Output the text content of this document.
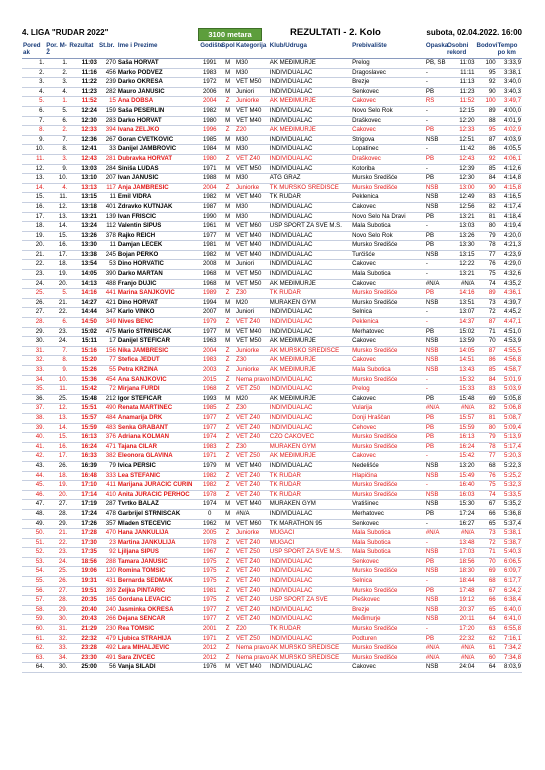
4. LIGA "RUDAR 2022"	3100 metara	REZULTATI - 2. Kolo	subota, 02.04.2022. 16:00
Pored ak	Por. M-Ž	Rezultat	St.br.	Ime i Prezime	Godište	Spol	Kategorija	Klub/Udruga	Prebivalište	Opaska	Osobni rekord	Bodovi	Tempo po km
1.	1.	11:03	270	Saša HORVAT	1991	M	M30	AK MEĐIMURJE	Prelog	PB, SB	11:03	100	3:33,9
2.	2.	11:16	456	Marko PODVEZ	1983	M	M30	INDIVIDUALAC	Dragoslavec	-	11:11	95	3:38,1
3.	3.	11:22	239	Darko OKREŠA	1972	M	VET M50	INDIVIDUALAC	Brezje	-	11:13	92	3:40,0
4.	4.	11:23	282	Mauro JANUŠIĆ	2006	M	Juniori	INDIVIDUALAC	Šenkovec	PB	11:23	90	3:40,3
5.	1.	11:52	15	Ana DOBŠA	2004	Ž	Juniorke	AK MEĐIMURJE	Čakovec	RS	11:52	100	3:49,7
6.	5.	12:24	159	Saša PESERLIN	1982	M	VET M40	INDIVIDUALAC	Novo Selo Rok	-	12:15	89	4:00,0
7.	6.	12:30	283	Darko HORVAT	1980	M	VET M40	INDIVIDUALAC	Draškovec	-	12:20	88	4:01,9
8.	2.	12:33	394	Ivana ZELJKO	1996	Ž	Ž20	AK MEĐIMURJE	Čakovec	PB	12:33	95	4:02,9
9.	7.	12:36	267	Goran CVETKOVIĆ	1985	M	M30	INDIVIDUALAC	Štrigova	NSB	12:51	87	4:03,9
10.	8.	12:41	33	Danijel JAMBROVIĆ	1984	M	M30	INDIVIDUALAC	Lopatinec	-	11:42	86	4:05,5
11.	3.	12:43	281	Dubravka HORVAT	1980	Ž	VET Ž40	INDIVIDUALAC	Draškovec	PB	12:43	92	4:06,1
12.	9.	13:03	284	Siniša LUDAŠ	1971	M	VET M50	INDIVIDUALAC	Kotoriba	-	12:39	85	4:12,6
13.	10.	13:10	207	Ivan JANUŠIĆ	1988	M	M30	ATG GRAZ	Mursko Središće	PB	12:30	84	4:14,8
14.	4.	13:13	117	Anja JAMBREŠIĆ	2004	Ž	Juniorke	TK MURSKO SREDIŠĆE	Mursko Središće	NSB	13:00	90	4:15,8
15.	11.	13:15	11	Emil VIDRA	1982	M	VET M40	TK RUDAR	Peklenica	NSB	12:49	83	4:16,5
16.	12.	13:18	401	Zdravko KUTNJAK	1987	M	M30	INDIVIDUALAC	Čakovec	NSB	12:56	82	4:17,4
17.	13.	13:21	139	Ivan FRISCIĆ	1990	M	M30	INDIVIDUALAC	Novo Selo Na Dravi	PB	13:21	81	4:18,4
18.	14.	13:24	112	Valentin ŠIPUŠ	1961	M	VET M60	USP SPORT ZA SVE M.S.	Mala Subotica	-	13:03	80	4:19,4
19.	15.	13:26	378	Rajko REICH	1977	M	VET M40	INDIVIDUALAC	Novo Selo Rok	PB	13:26	79	4:20,0
20.	16.	13:30	11	Damjan LEČEK	1981	M	VET M40	INDIVIDUALAC	Mursko Središće	PB	13:30	78	4:21,3
21.	17.	13:38	245	Bojan PERKO	1982	M	VET M40	INDIVIDUALAC	Turčišće	NSB	13:15	77	4:23,9
22.	18.	13:54	53	Dino HORVATIĆ	2008	M	Juniori	INDIVIDUALAC	Čakovec	-	12:22	76	4:29,0
23.	19.	14:05	390	Darko MARTAN	1968	M	VET M50	INDIVIDUALAC	Mala Subotica	-	13:21	75	4:32,6
24.	20.	14:13	488	Franjo DUJIĆ	1968	M	VET M50	AK MEĐIMURJE	Čakovec	#N/A	#N/A	74	4:35,2
25.	5.	14:16	441	Marina SANJKOVIĆ	1989	Ž	Ž30	TK RUDAR	Mursko Središće	PB	14:16	89	4:36,1
26.	21.	14:27	421	Dino HORVAT	1994	M	M20	MURAKEN GYM	Mursko Središće	NSB	13:51	73	4:39,7
27.	22.	14:44	347	Karlo VINKO	2007	M	Juniori	INDIVIDUALAC	Selnica	-	13:07	72	4:45,2
28.	6.	14:50	349	Nives BENC	1979	Ž	VET Ž40	INDIVIDUALAC	Peklenica	-	14:37	87	4:47,1
29.	23.	15:02	475	Mario STRNIŠČAK	1977	M	VET M40	INDIVIDUALAC	Merhatovec	PB	15:02	71	4:51,0
30.	24.	15:11	17	Danijel ŠTEFIČAR	1963	M	VET M50	AK MEĐIMURJE	Čakovec	NSB	13:59	70	4:53,9
31.	7.	15:16	156	Nika JAMBREŠIĆ	2004	Ž	Juniorke	AK MURSKO SREDIŠĆE	Mursko Središće	NSB	14:05	87	4:55,5
32.	8.	15:20	77	Štefica JEDUT	1983	Ž	Ž30	AK MEĐIMURJE	Čakovec	NSB	14:51	86	4:56,8
33.	9.	15:26	55	Petra KRŽINA	2003	Ž	Juniorke	AK MEĐIMURJE	Mala Subotica	NSB	13:43	85	4:58,7
34.	10.	15:36	454	Ana SANJKOVIĆ	2015	Ž	Nema pravo	INDIVIDUALAC	Mursko Središće	-	15:32	84	5:01,9
35.	11.	15:42	72	Mirjana FURDI	1968	Ž	VET Ž50	INDIVIDUALAC	Prelog	-	15:33	83	5:03,9
36.	25.	15:48	212	Igor ŠTEFIČAR	1993	M	M20	AK MEĐIMURJE	Čakovec	PB	15:48	69	5:05,8
37.	12.	15:51	490	Renata MARTINEC	1985	Ž	Ž30	INDIVIDUALAC	Vularija	#N/A	#N/A	82	5:06,8
38.	13.	15:57	484	Anamarija DRK	1977	Ž	VET Ž40	INDIVIDUALAC	Donji Hraščan	PB	15:57	81	5:08,7
39.	14.	15:59	483	Senka GRABANT	1977	Ž	VET Ž40	INDIVIDUALAC	Čehovec	PB	15:59	80	5:09,4
40.	15.	16:13	376	Adriana KOLMAN	1974	Ž	VET Ž40	CZO ČAKOVEC	Mursko Središće	PB	16:13	79	5:13,9
41.	16.	16:24	471	Tajana CILAR	1983	Ž	Ž30	MURAKEN GYM	Mursko Središće	PB	16:24	78	5:17,4
42.	17.	16:33	382	Eleonora GLAVINA	1971	Ž	VET Ž50	AK MEĐIMURJE	Čakovec	-	15:42	77	5:20,3
43.	26.	16:39	79	Ivica PERŠIĆ	1979	M	VET M40	INDIVIDUALAC	Nedelišće	NSB	13:20	68	5:22,3
44.	18.	16:48	333	Lea ŠTEFANIĆ	1982	Ž	VET Ž40	TK RUDAR	Hlapičina	NSB	15:49	76	5:25,2
45.	19.	17:10	411	Marijana JURAČIĆ ČURIN	1982	Ž	VET Ž40	TK RUDAR	Mursko Središće	-	16:40	75	5:32,3
46.	20.	17:14	410	Anita JURAČIĆ PERHOČ	1978	Ž	VET Ž40	TK RUDAR	Mursko Središće	NSB	16:03	74	5:33,5
47.	27.	17:19	287	Tvrtko BALAŽ	1974	M	VET M40	MURAKEN GYM	Vratišinec	NSB	15:30	67	5:35,2
48.	28.	17:24	478	Garbrijel STRNIŠČAK	0	M	#N/A	INDIVIDUALAC	Merhatovec	PB	17:24	66	5:36,8
49.	29.	17:26	357	Mladen STEČEVIĆ	1962	M	VET M60	TK MARATHON 95	Šenkovec	-	16:27	65	5:37,4
50.	21.	17:28	470	Hana JANKULIJA	2005	Ž	Juniorke	MUGAĆI	Mala Subotica	#N/A	#N/A	73	5:38,1
51.	22.	17:30	23	Martina JANKULIJA	1978	Ž	VET Ž40	MUGAĆI	Mala Subotica	-	13:48	72	5:38,7
52.	23.	17:35	92	Ljiljana ŠIPUŠ	1967	Ž	VET Ž50	USP SPORT ZA SVE M.S.	Mala Subotica	NSB	17:03	71	5:40,3
53.	24.	18:56	288	Tamara JANUŠIĆ	1975	Ž	VET Ž40	INDIVIDUALAC	Šenkovec	PB	18:56	70	6:06,5
54.	25.	19:06	120	Romina TOMŠIĆ	1975	Ž	VET Ž40	INDIVIDUALAC	Mursko Središće	NSB	18:30	69	6:09,7
55.	26.	19:31	431	Bernarda SEDMAK	1975	Ž	VET Ž40	INDIVIDUALAC	Selnica	-	18:44	68	6:17,7
56.	27.	19:51	393	Željka PINTARIĆ	1981	Ž	VET Ž40	INDIVIDUALAC	Mursko Središće	PB	17:48	67	6:24,2
57.	28.	20:35	165	Gordana LEVAČIĆ	1975	Ž	VET Ž40	USP SPORT ZA SVE	Pleškovec	NSB	19:12	66	6:38,4
58.	29.	20:40	240	Jasminka OKREŠA	1977	Ž	VET Ž40	INDIVIDUALAC	Brezje	NSB	20:37	65	6:40,0
59.	30.	20:43	266	Dejana SENČAR	1977	Ž	VET Ž40	INDIVIDUALAC	Međimurje	NSB	20:11	64	6:41,0
60.	31.	21:29	230	Rea TOMŠIĆ	2001	Ž	Ž20	TK RUDAR	Mursko Središće	-	17:20	63	6:55,8
61.	32.	22:32	479	Ljubica STRAHIJA	1971	Ž	VET Ž50	INDIVIDUALAC	Podturen	PB	22:32	62	7:16,1
62.	33.	23:28	492	Lara MIHALJEVIĆ	2012	Ž	Nema pravo	AK MURSKO SREDIŠĆE	Mursko Središće	#N/A	#N/A	61	7:34,2
63.	34.	23:30	491	Sara ZIVCEC	2012	Ž	Nema pravo	AK MURSKO SREDIŠĆE	Mursko Središće	#N/A	#N/A	60	7:34,8
64.	30.	25:00	56	Vanja SILADI	1976	M	VET M40	INDIVIDUALAC	Čakovec	NSB	24:04	64	8:03,9
